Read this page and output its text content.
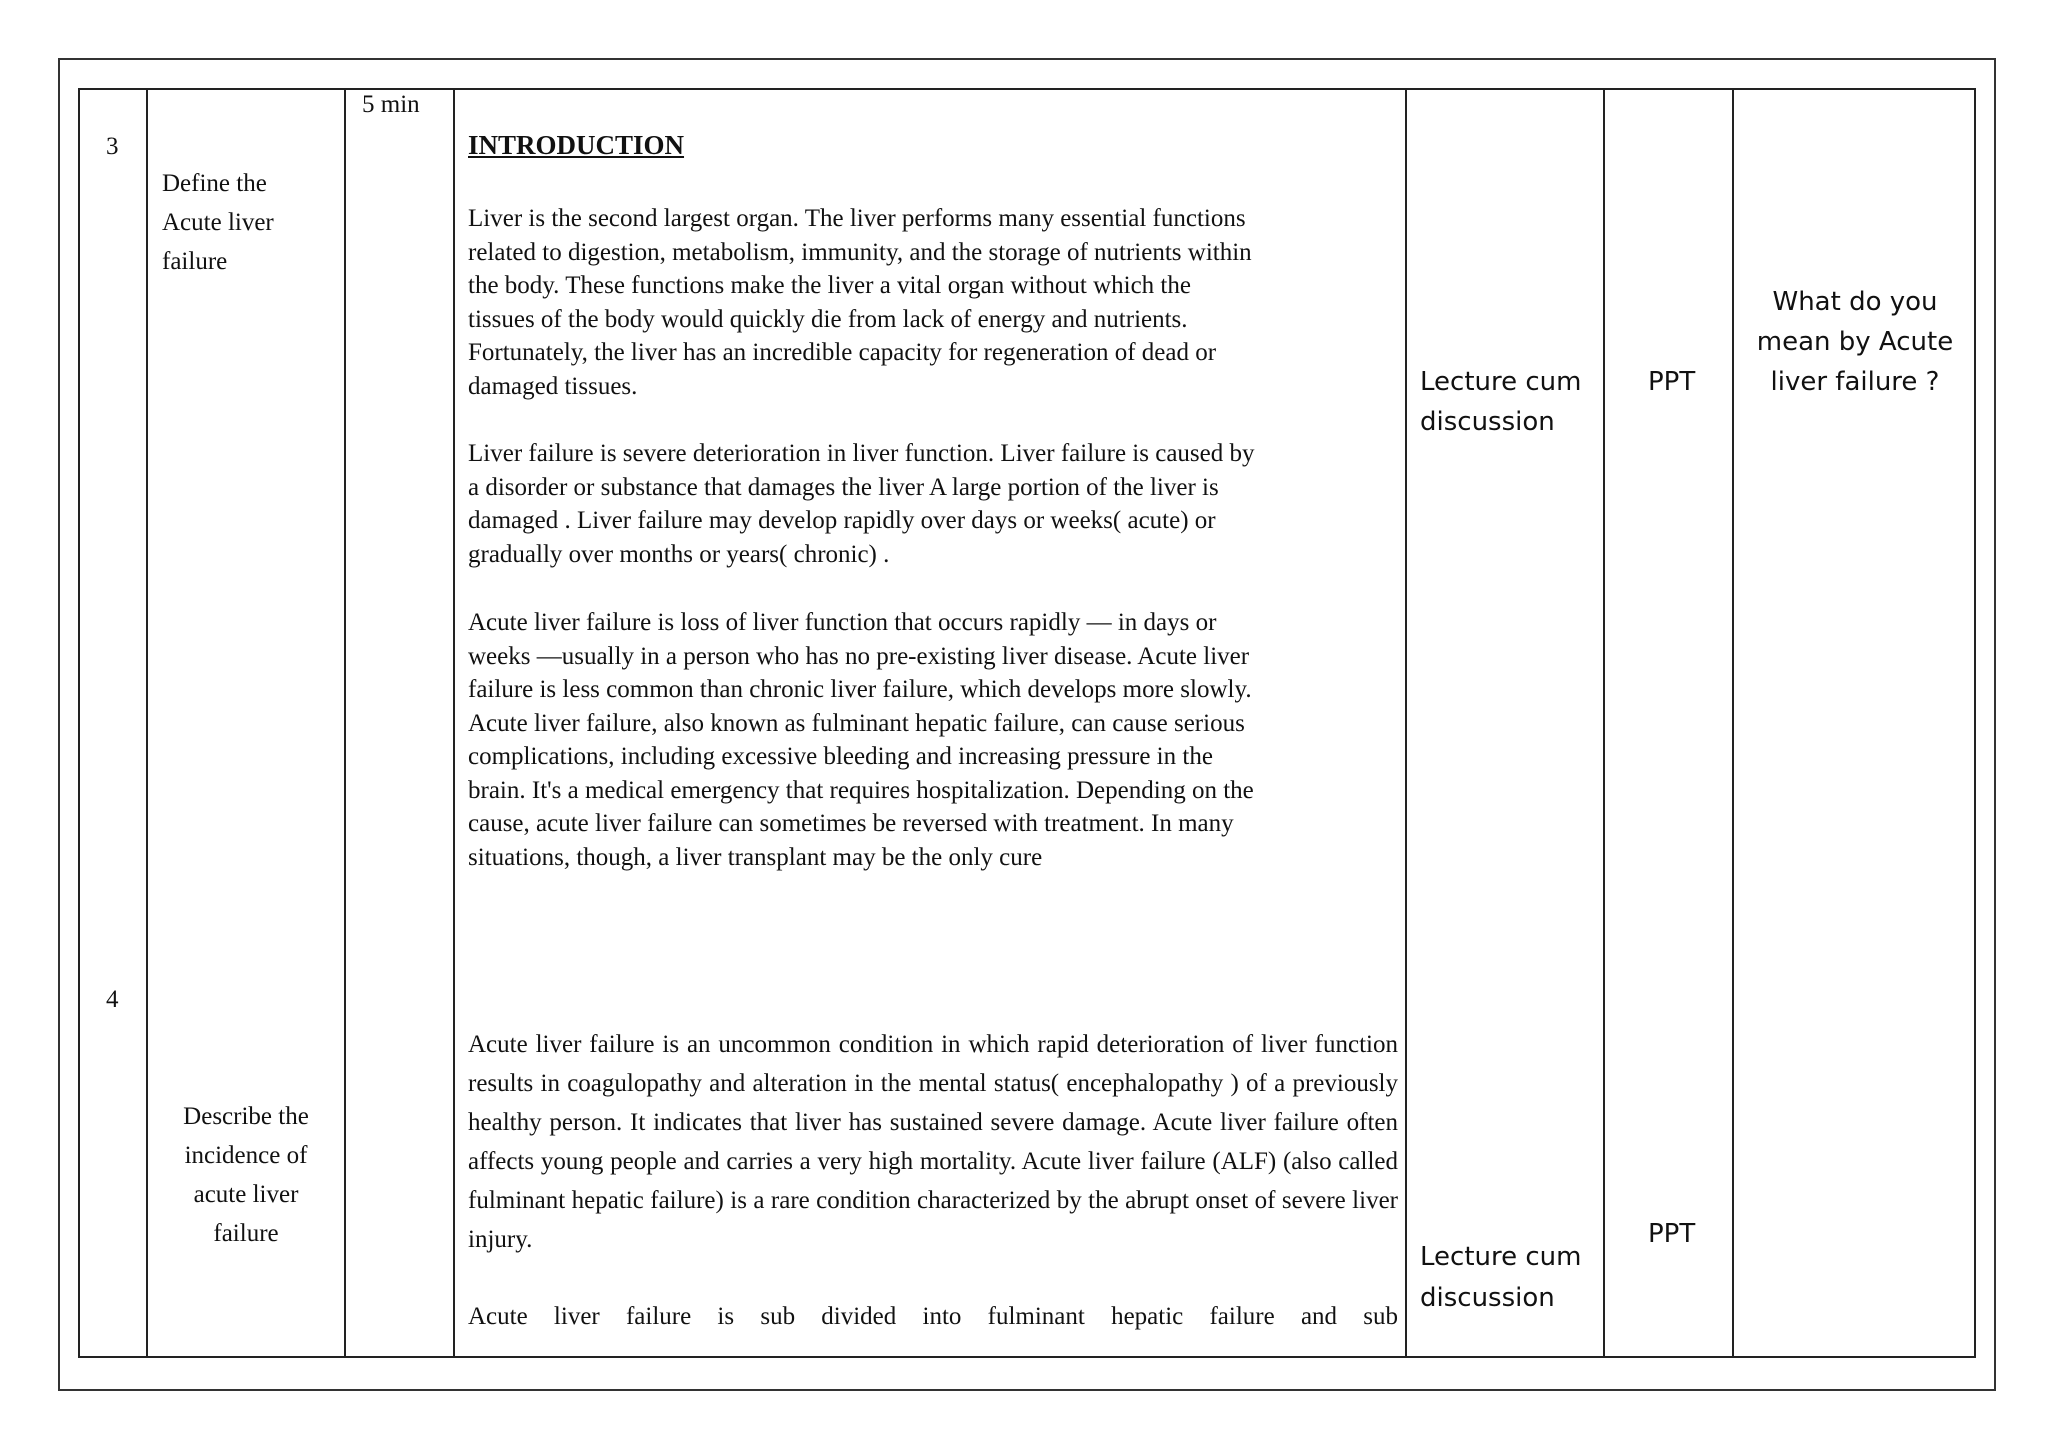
3
5 min
Define the
Acute liver
failure
INTRODUCTION
Liver is the second largest organ. The liver performs many essential functions
related to digestion, metabolism, immunity, and the storage of nutrients within
the body. These functions make the liver a vital organ without which the
tissues of the body would quickly die from lack of energy and nutrients.
Fortunately, the liver has an incredible capacity for regeneration of dead or
damaged tissues.
Liver failure is severe deterioration in liver function. Liver failure is caused by
a disorder or substance that damages the liver A large portion of the liver is
damaged . Liver failure may develop rapidly over days or weeks( acute) or
gradually over months or years( chronic) .
Acute liver failure is loss of liver function that occurs rapidly — in days or
weeks —usually in a person who has no pre-existing liver disease. Acute liver
failure is less common than chronic liver failure, which develops more slowly.
Acute liver failure, also known as fulminant hepatic failure, can cause serious
complications, including excessive bleeding and increasing pressure in the
brain. It's a medical emergency that requires hospitalization. Depending on the
cause, acute liver failure can sometimes be reversed with treatment. In many
situations, though, a liver transplant may be the only cure
Lecture cum
discussion
PPT
What do you
mean by Acute
liver failure ?
4
Describe the
incidence of
acute liver
failure
Acute liver failure is an uncommon condition in which rapid deterioration of liver function results in coagulopathy and alteration in the mental status( encephalopathy ) of a previously healthy person. It indicates that liver has sustained severe damage. Acute liver failure often affects young people and carries a very high mortality. Acute liver failure (ALF) (also called fulminant hepatic failure) is a rare condition characterized by the abrupt onset of severe liver injury.
Acute liver failure is sub divided into fulminant hepatic failure and sub
Lecture cum
discussion
PPT
